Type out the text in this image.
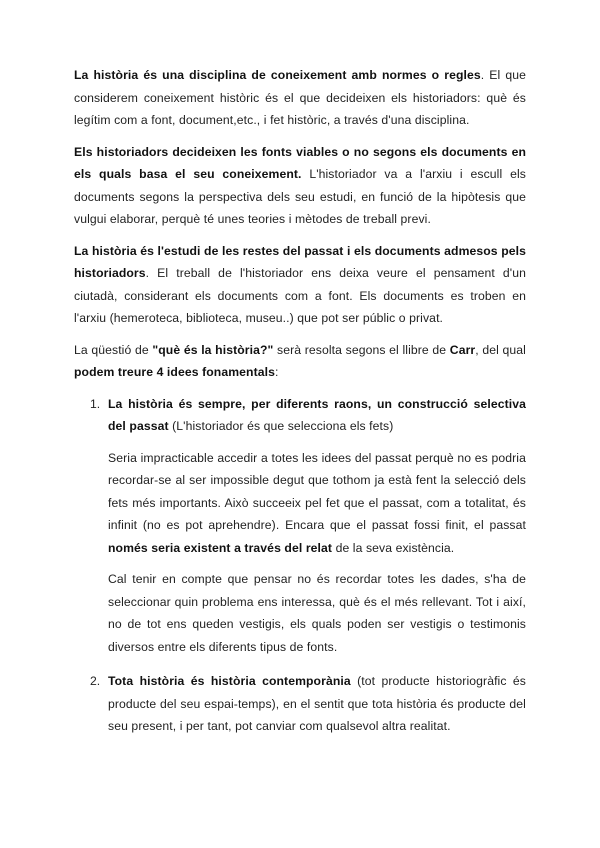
La història és una disciplina de coneixement amb normes o regles. El que considerem coneixement històric és el que decideixen els historiadors: què és legítim com a font, document,etc., i fet històric, a través d'una disciplina.

Els historiadors decideixen les fonts viables o no segons els documents en els quals basa el seu coneixement. L'historiador va a l'arxiu i escull els documents segons la perspectiva dels seu estudi, en funció de la hipòtesis que vulgui elaborar, perquè té unes teories i mètodes de treball previ.

La història és l'estudi de les restes del passat i els documents admesos pels historiadors. El treball de l'historiador ens deixa veure el pensament d'un ciutadà, considerant els documents com a font. Els documents es troben en l'arxiu (hemeroteca, biblioteca, museu..) que pot ser públic o privat.

La qüestió de "què és la història?" serà resolta segons el llibre de Carr, del qual podem treure 4 idees fonamentals:

1. La història és sempre, per diferents raons, un construcció selectiva del passat (L'historiador és que selecciona els fets)

Seria impracticable accedir a totes les idees del passat perquè no es podria recordar-se al ser impossible degut que tothom ja està fent la selecció dels fets més importants. Això succeeix pel fet que el passat, com a totalitat, és infinit (no es pot aprehendre). Encara que el passat fossi finit, el passat només seria existent a través del relat de la seva existència.

Cal tenir en compte que pensar no és recordar totes les dades, s'ha de seleccionar quin problema ens interessa, què és el més rellevant. Tot i així, no de tot ens queden vestigis, els quals poden ser vestigis o testimonis diversos entre els diferents tipus de fonts.

2. Tota història és història contemporània (tot producte historiogràfic és producte del seu espai-temps), en el sentit que tota història és producte del seu present, i per tant, pot canviar com qualsevol altra realitat.
